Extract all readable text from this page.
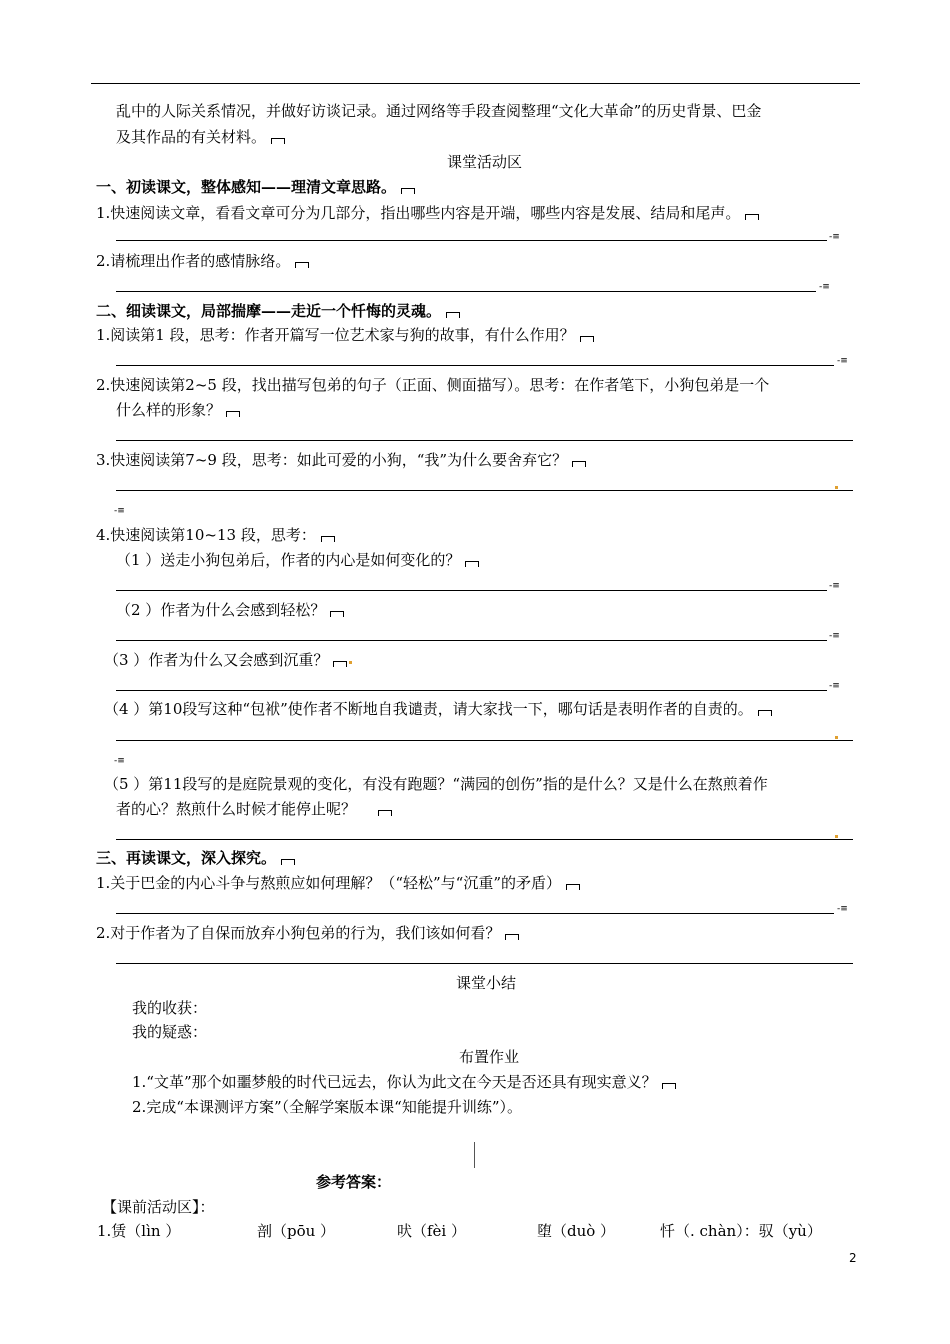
乱中的人际关系情况，并做好访谈记录。通过网络等手段查阅整理“文化大革命”的历史背景、巴金
及其作品的有关材料。
课堂活动区
一、初读课文，整体感知——理清文章思路。
1.快速阅读文章，看看文章可分为几部分，指出哪些内容是开端，哪些内容是发展、结局和尾声。
-≡
2.请梳理出作者的感情脉络。
-≡
二、细读课文，局部揣摩——走近一个忏悔的灵魂。
1.阅读第1 段，思考：作者开篇写一位艺术家与狗的故事，有什么作用？
-≡
2.快速阅读第2~5 段，找出描写包弟的句子（正面、侧面描写）。思考：在作者笔下，小狗包弟是一个
什么样的形象？
3.快速阅读第7~9 段，思考：如此可爱的小狗，“我”为什么要舍弃它？
-≡
4.快速阅读第10~13 段，思考：
（1 ）送走小狗包弟后，作者的内心是如何变化的？
-≡
（2 ）作者为什么会感到轻松？
-≡
（3 ）作者为什么又会感到沉重？
-≡
（4 ）第10段写这种“包袱”使作者不断地自我谴责，请大家找一下，哪句话是表明作者的自责的。
-≡
（5 ）第11段写的是庭院景观的变化，有没有跑题？“满园的创伤”指的是什么？又是什么在熬煎着作
者的心？熬煎什么时候才能停止呢？
三、再读课文，深入探究。
1.关于巴金的内心斗争与熬煎应如何理解？（“轻松”与“沉重”的矛盾）
-≡
2.对于作者为了自保而放弃小狗包弟的行为，我们该如何看？
课堂小结
我的收获：
我的疑惑：
布置作业
1.“文革”那个如噩梦般的时代已远去，你认为此文在今天是否还具有现实意义？
2.完成“本课测评方案”（全解学案版本课“知能提升训练”）。
参考答案：
【课前活动区】：
1.赁（lìn ）	剖（pōu ）	吠（fèi ）	堕（duò ）	忏（. chàn）：驭（yù）
2
